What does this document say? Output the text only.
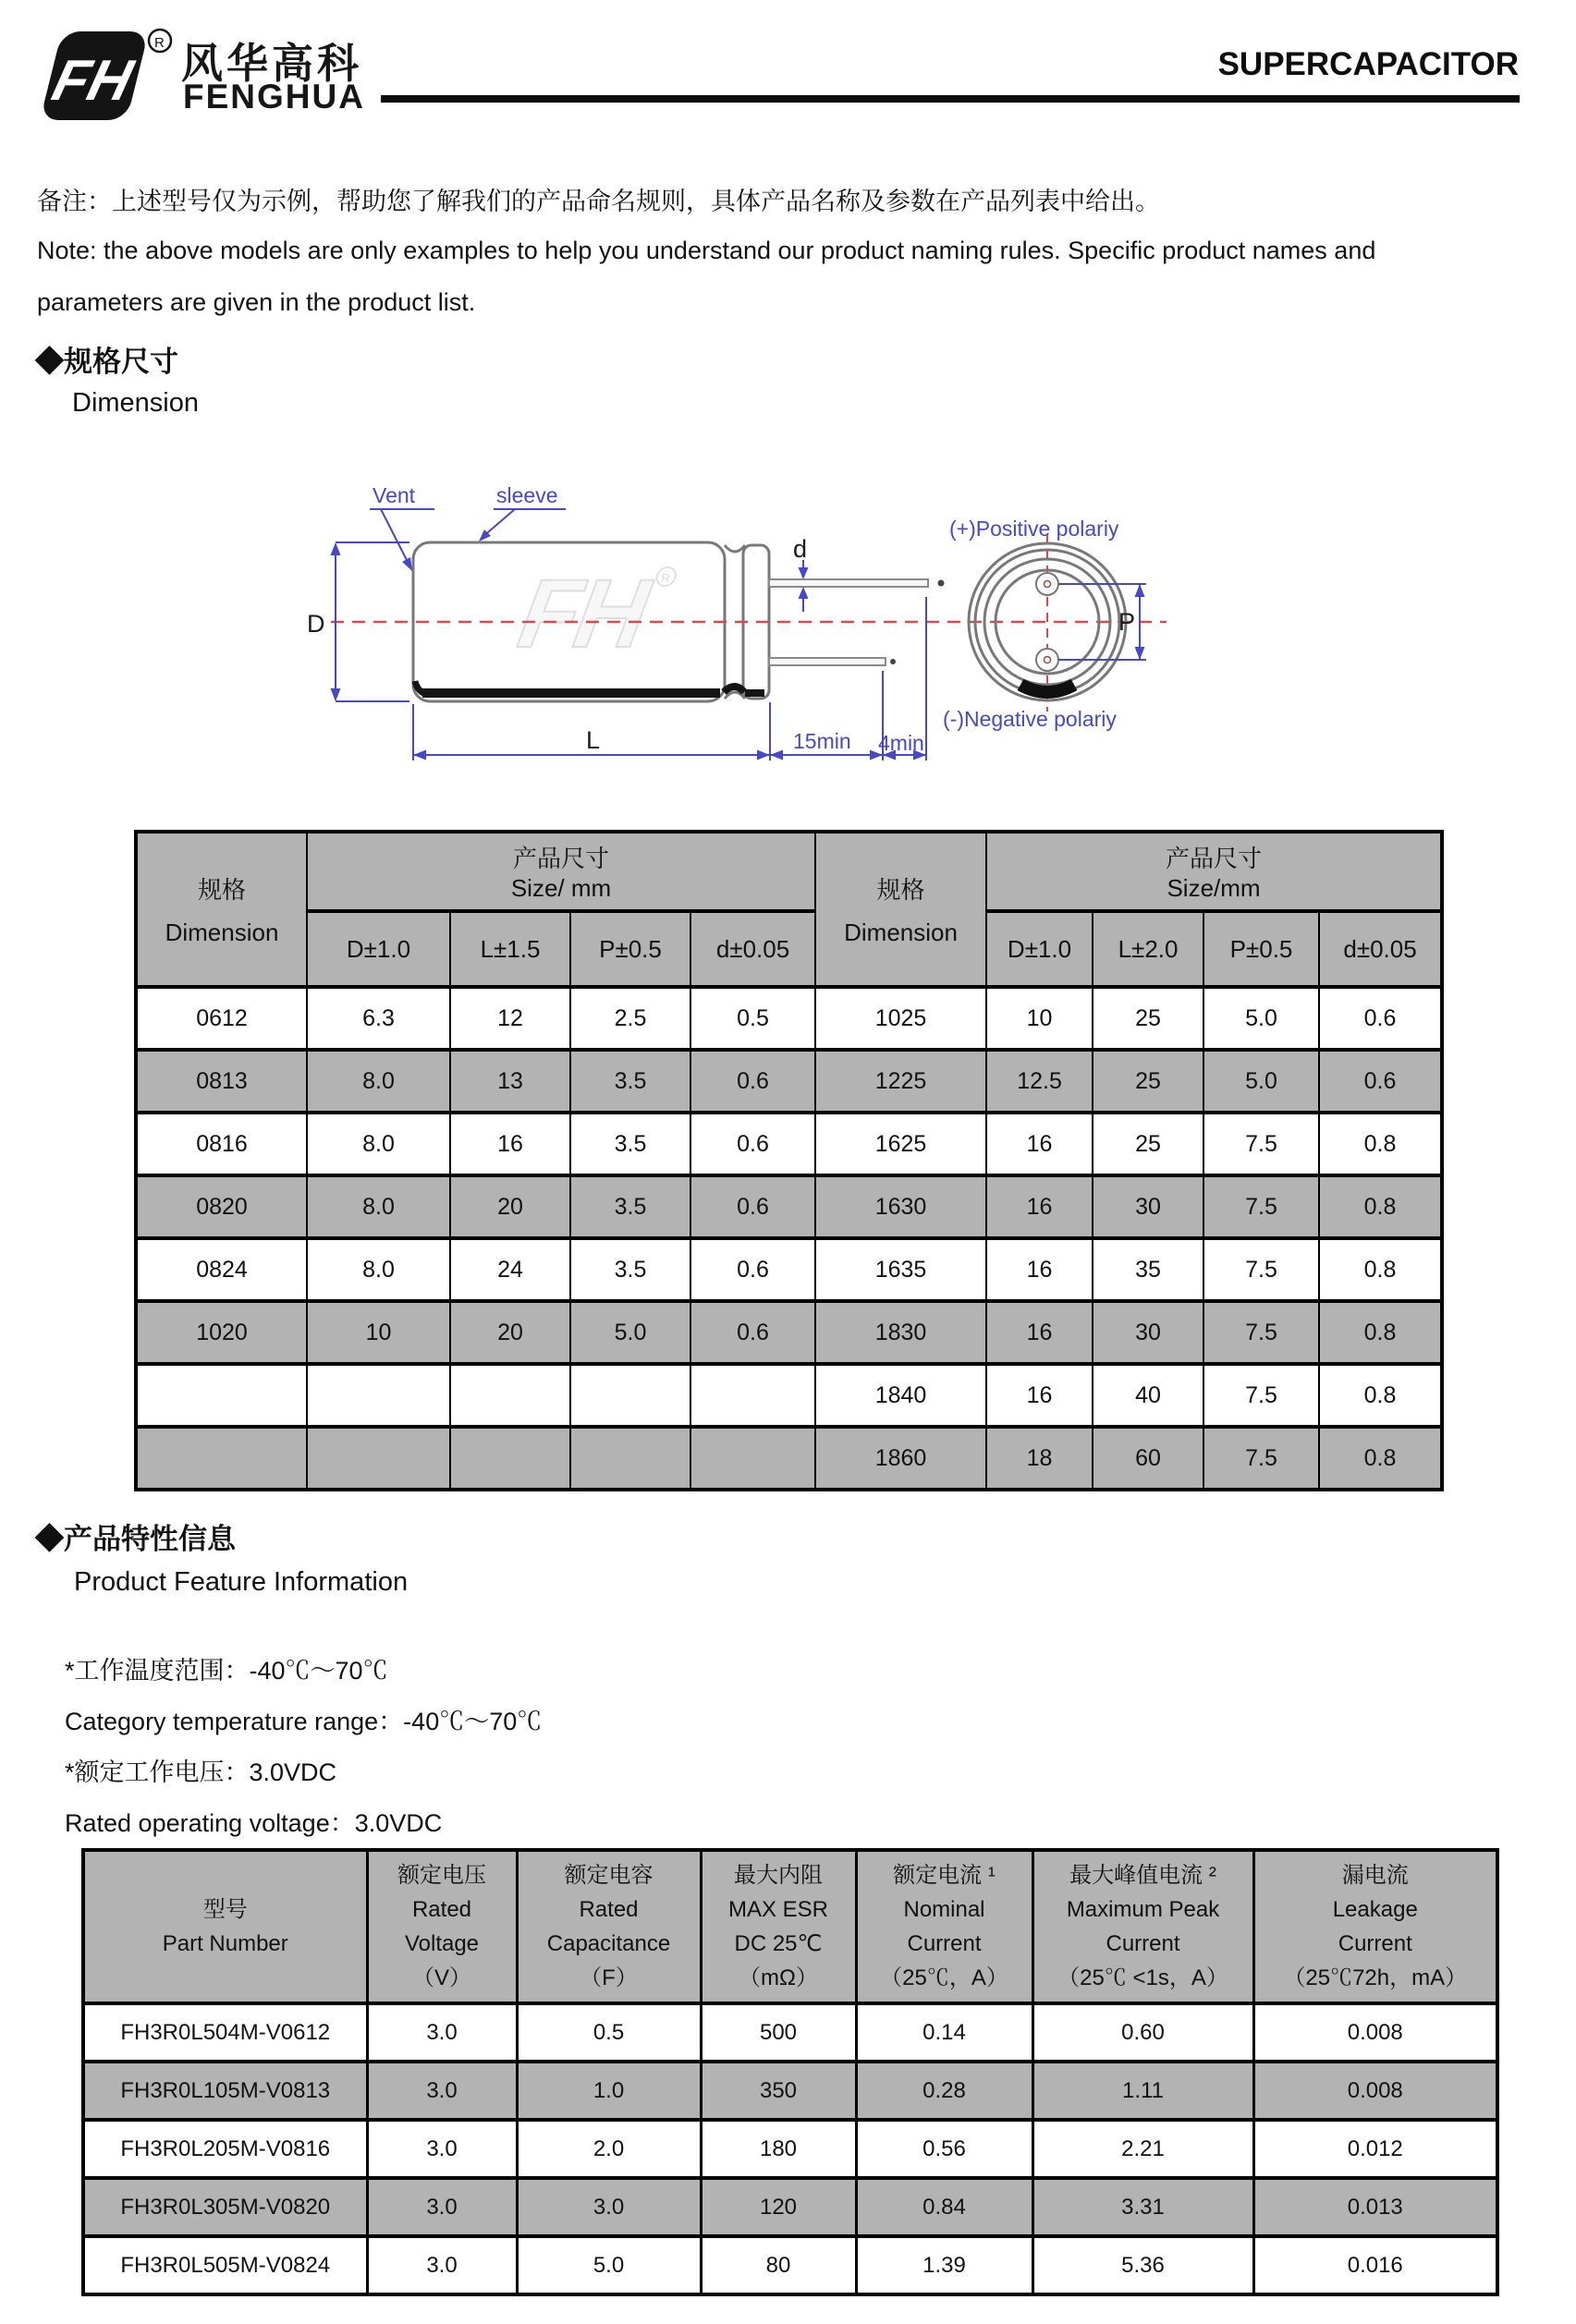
FH
R 风华高科
FENGHUA
SUPERCAPACITOR
备注：上述型号仅为示例，帮助您了解我们的产品命名规则，具体产品名称及参数在产品列表中给出。
Note: the above models are only examples to help you understand our product naming rules. Specific product names and
parameters are given in the product list.
◆规格尺寸
Dimension
FH R
D
Vent	sleeve
d
L	15min 4min
P
(+)Positive polariy
(-)Negative polariy
规格
Dimension

产品尺寸
Size/ mm	规格
Dimension

产品尺寸
Size/mm

	D±1.0	L±1.5	P±0.5	d±0.05		D±1.0	L±2.0	P±0.5	d±0.05
0612	6.3	12	2.5	0.5	1025	10	25	5.0	0.6
0813	8.0	13	3.5	0.6	1225	12.5	25	5.0	0.6
0816	8.0	16	3.5	0.6	1625	16	25	7.5	0.8
0820	8.0	20	3.5	0.6	1630	16	30	7.5	0.8
0824	8.0	24	3.5	0.6	1635	16	35	7.5	0.8
1020	10	20	5.0	0.6	1830	16	30	7.5	0.8
					1840	16	40	7.5	0.8
					1860	18	60	7.5	0.8
◆产品特性信息
Product Feature Information
*工作温度范围：-40℃～70℃
Category temperature range：-40℃～70℃
*额定工作电压：3.0VDC
Rated operating voltage：3.0VDC
型号
Part Number

额定电压
Rated
Voltage
（V）

额定电容
Rated
Capacitance
（F）

最大内阻
MAX ESR
DC 25℃
（mΩ）

额定电流 ¹
Nominal
Current
（25℃，A）

最大峰值电流 ²
Maximum Peak
Current
（25℃ <1s，A）

漏电流
Leakage
Current
（25℃72h，mA）

FH3R0L504M-V0612	3.0	0.5	500	0.14	0.60	0.008
FH3R0L105M-V0813	3.0	1.0	350	0.28	1.11	0.008
FH3R0L205M-V0816	3.0	2.0	180	0.56	2.21	0.012
FH3R0L305M-V0820	3.0	3.0	120	0.84	3.31	0.013
FH3R0L505M-V0824	3.0	5.0	80	1.39	5.36	0.016
